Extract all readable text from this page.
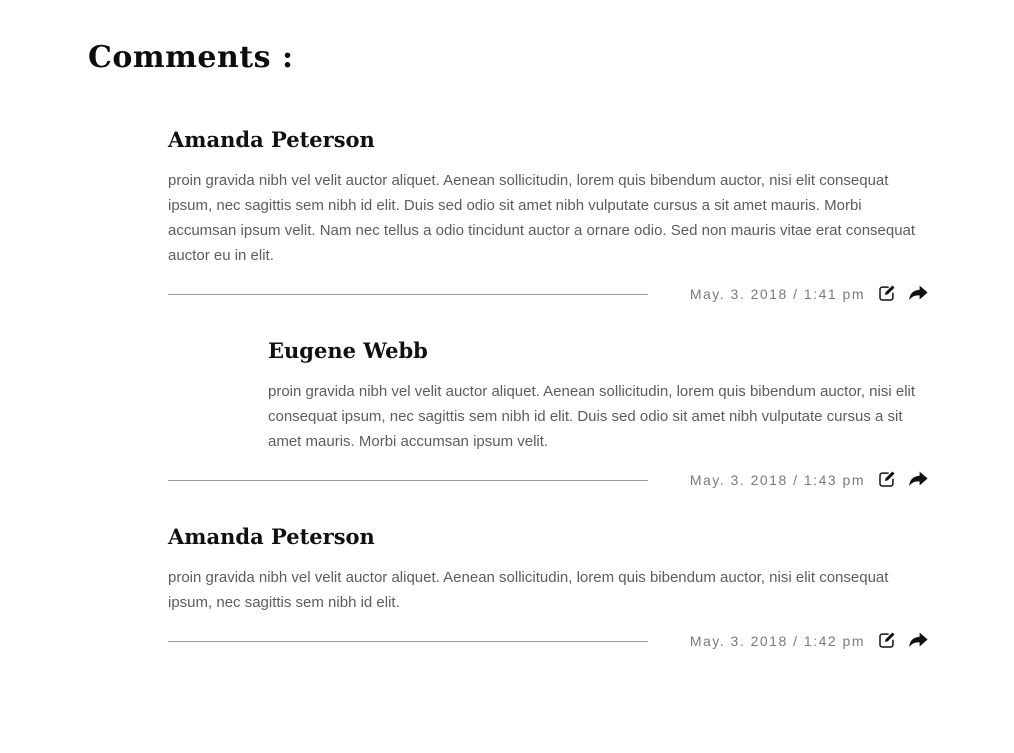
Comments :
Amanda Peterson

proin gravida nibh vel velit auctor aliquet. Aenean sollicitudin, lorem quis bibendum auctor, nisi elit consequat ipsum, nec sagittis sem nibh id elit. Duis sed odio sit amet nibh vulputate cursus a sit amet mauris. Morbi accumsan ipsum velit. Nam nec tellus a odio tincidunt auctor a ornare odio. Sed non mauris vitae erat consequat auctor eu in elit.

May. 3. 2018 / 1:41 pm
Eugene Webb

proin gravida nibh vel velit auctor aliquet. Aenean sollicitudin, lorem quis bibendum auctor, nisi elit consequat ipsum, nec sagittis sem nibh id elit. Duis sed odio sit amet nibh vulputate cursus a sit amet mauris. Morbi accumsan ipsum velit.

May. 3. 2018 / 1:43 pm
Amanda Peterson

proin gravida nibh vel velit auctor aliquet. Aenean sollicitudin, lorem quis bibendum auctor, nisi elit consequat ipsum, nec sagittis sem nibh id elit.

May. 3. 2018 / 1:42 pm
